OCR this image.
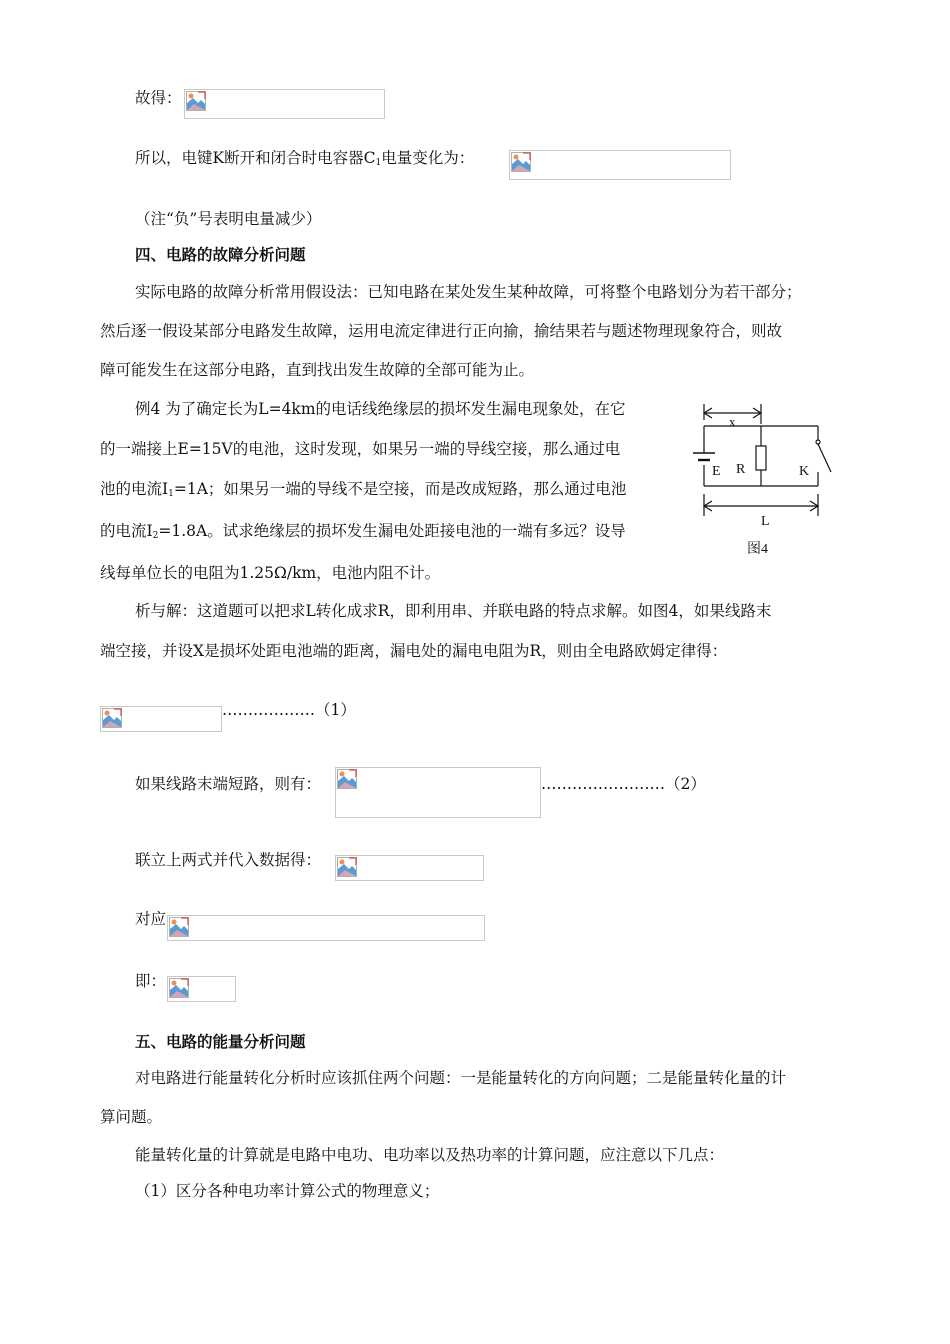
故得：
所以，电键K断开和闭合时电容器$C_1$电量变化为：
（注“负”号表明电量减少）
四、电路的故障分析问题
实际电路的故障分析常用假设法：已知电路在某处发生某种故障，可将整个电路划分为若干部分；
然后逐一假设某部分电路发生故障，运用电流定律进行正向揄，揄结果若与题述物理现象符合，则故
障可能发生在这部分电路，直到找出发生故障的全部可能为止。
例4 为了确定长为L=4km的电话线绝缘层的损坏发生漏电现象处，在它
的一端接上E=15V的电池，这时发现，如果另一端的导线空接，那么通过电
池的电流$I_1=1A$；如果另一端的导线不是空接，而是改成短路，那么通过电池
的电流$I_2=1.8A$。试求绝缘层的损坏发生漏电处距接电池的一端有多远？设导
线每单位长的电阻为1.25Ω/km，电池内阻不计。
x
E R	K
L
图4
析与解：这道题可以把求L转化成求R，即利用串、并联电路的特点求解。如图4，如果线路末
端空接，并设X是损坏处距电池端的距离，漏电处的漏电电阻为R，则由全电路欧姆定律得：
………………（1）
如果线路末端短路，则有：	……………………（2）
联立上两式并代入数据得：
对应
即：
五、电路的能量分析问题
对电路进行能量转化分析时应该抓住两个问题：一是能量转化的方向问题；二是能量转化量的计
算问题。
能量转化量的计算就是电路中电功、电功率以及热功率的计算问题，应注意以下几点：
（1）区分各种电功率计算公式的物理意义；
